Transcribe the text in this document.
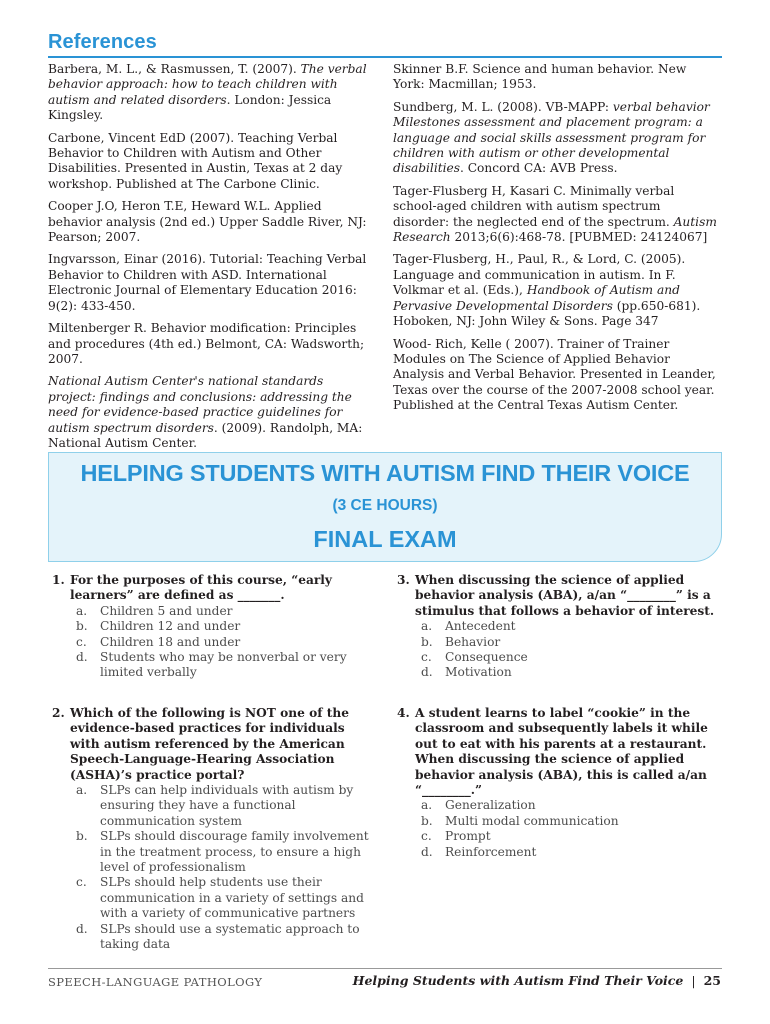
References
Barbera, M. L., & Rasmussen, T. (2007). The verbal behavior approach: how to teach children with autism and related disorders. London: Jessica Kingsley.
Carbone, Vincent EdD (2007). Teaching Verbal Behavior to Children with Autism and Other Disabilities. Presented in Austin, Texas at 2 day workshop. Published at The Carbone Clinic.
Cooper J.O, Heron T.E, Heward W.L. Applied behavior analysis (2nd ed.) Upper Saddle River, NJ: Pearson; 2007.
Ingvarsson, Einar (2016). Tutorial: Teaching Verbal Behavior to Children with ASD. International Electronic Journal of Elementary Education 2016: 9(2): 433-450.
Miltenberger R. Behavior modification: Principles and procedures (4th ed.) Belmont, CA: Wadsworth; 2007.
National Autism Center's national standards project: findings and conclusions: addressing the need for evidence-based practice guidelines for autism spectrum disorders. (2009). Randolph, MA: National Autism Center.
Skinner B.F. Science and human behavior. New York: Macmillan; 1953.
Sundberg, M. L. (2008). VB-MAPP: verbal behavior Milestones assessment and placement program: a language and social skills assessment program for children with autism or other developmental disabilities. Concord CA: AVB Press.
Tager-Flusberg H, Kasari C. Minimally verbal school-aged children with autism spectrum disorder: the neglected end of the spectrum. Autism Research 2013;6(6):468-78. [PUBMED: 24124067]
Tager-Flusberg, H., Paul, R., & Lord, C. (2005). Language and communication in autism. In F. Volkmar et al. (Eds.), Handbook of Autism and Pervasive Developmental Disorders (pp.650-681). Hoboken, NJ: John Wiley & Sons. Page 347
Wood- Rich, Kelle ( 2007). Trainer of Trainer Modules on The Science of Applied Behavior Analysis and Verbal Behavior. Presented in Leander, Texas over the course of the 2007-2008 school year. Published at the Central Texas Autism Center.
HELPING STUDENTS WITH AUTISM FIND THEIR VOICE
(3 CE HOURS)
FINAL EXAM
1. For the purposes of this course, “early learners” are defined as _______.
a. Children 5 and under
b. Children 12 and under
c. Children 18 and under
d. Students who may be nonverbal or very limited verbally
2. Which of the following is NOT one of the evidence-based practices for individuals with autism referenced by the American Speech-Language-Hearing Association (ASHA)’s practice portal?
a. SLPs can help individuals with autism by ensuring they have a functional communication system
b. SLPs should discourage family involvement in the treatment process, to ensure a high level of professionalism
c. SLPs should help students use their communication in a variety of settings and with a variety of communicative partners
d. SLPs should use a systematic approach to taking data
3. When discussing the science of applied behavior analysis (ABA), a/an “________” is a stimulus that follows a behavior of interest.
a. Antecedent
b. Behavior
c. Consequence
d. Motivation
4. A student learns to label “cookie” in the classroom and subsequently labels it while out to eat with his parents at a restaurant. When discussing the science of applied behavior analysis (ABA), this is called a/an “________.”
a. Generalization
b. Multi modal communication
c. Prompt
d. Reinforcement
SPEECH-LANGUAGE PATHOLOGY	Helping Students with Autism Find Their Voice | 25
